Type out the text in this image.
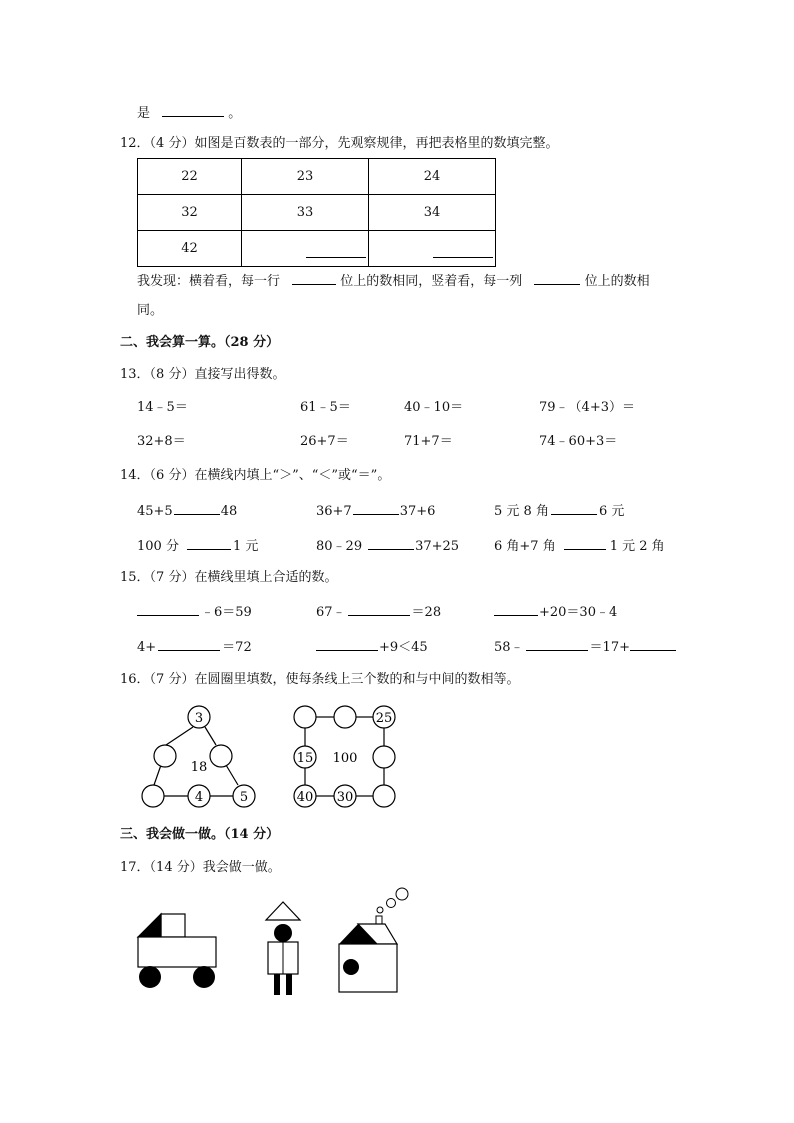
是	。
12．（4 分）如图是百数表的一部分，先观察规律，再把表格里的数填完整。
22	23	24
32	33	34
42	

我发现：横着看，每一行	位上的数相同，竖着看，每一列	位上的数相
同。
二、我会算一算。（28 分）
13．（8 分）直接写出得数。
14﹣5＝	61﹣5＝	40﹣10＝	79﹣（4+3）＝
32+8＝	26+7＝	71+7＝	74﹣60+3＝
14．（6 分）在横线内填上“＞”、“＜”或“＝”。
45+5	48	36+7	37+6	5 元 8 角	6 元
100 分	1 元	80﹣29	37+25	6 角+7 角	1 元 2 角
15．（7 分）在横线里填上合适的数。
﹣6＝59	67﹣	＝28	+20＝30﹣4
4+	＝72	+9＜45	58﹣	＝17+
16．（7 分）在圆圈里填数，使每条线上三个数的和与中间的数相等。
3
18
4	5
25
15 100
40 30
三、我会做一做。（14 分）
17．（14 分）我会做一做。
